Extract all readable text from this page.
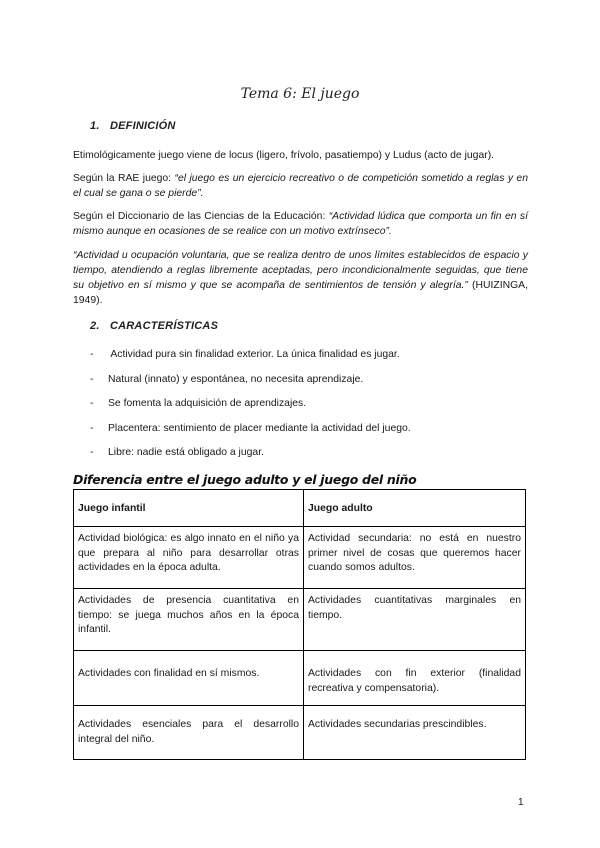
Tema 6: El juego
1. DEFINICIÓN
Etimológicamente juego viene de locus (ligero, frívolo, pasatiempo) y Ludus (acto de jugar).
Según la RAE juego: “el juego es un ejercicio recreativo o de competición sometido a reglas y en el cual se gana o se pierde”.
Según el Diccionario de las Ciencias de la Educación: “Actividad lúdica que comporta un fin en sí mismo aunque en ocasiones de se realice con un motivo extrínseco”.
“Actividad u ocupación voluntaria, que se realiza dentro de unos límites establecidos de espacio y tiempo, atendiendo a reglas libremente aceptadas, pero incondicionalmente seguidas, que tiene su objetivo en sí mismo y que se acompaña de sentimientos de tensión y alegría.” (HUIZINGA, 1949).
2. CARACTERÍSTICAS
- Actividad pura sin finalidad exterior. La única finalidad es jugar.
- Natural (innato) y espontánea, no necesita aprendizaje.
- Se fomenta la adquisición de aprendizajes.
- Placentera: sentimiento de placer mediante la actividad del juego.
- Libre: nadie está obligado a jugar.
Diferencia entre el juego adulto y el juego del niño
Juego infantil	Juego adulto
Actividad biológica: es algo innato en el niño ya que prepara al niño para desarrollar otras actividades en la época adulta.	Actividad secundaria: no está en nuestro primer nivel de cosas que queremos hacer cuando somos adultos.
Actividades de presencia cuantitativa en tiempo: se juega muchos años en la época infantil.	Actividades cuantitativas marginales en tiempo.
Actividades con finalidad en sí mismos.	Actividades con fin exterior (finalidad recreativa y compensatoria).
Actividades esenciales para el desarrollo integral del niño.	Actividades secundarias prescindibles.
1
